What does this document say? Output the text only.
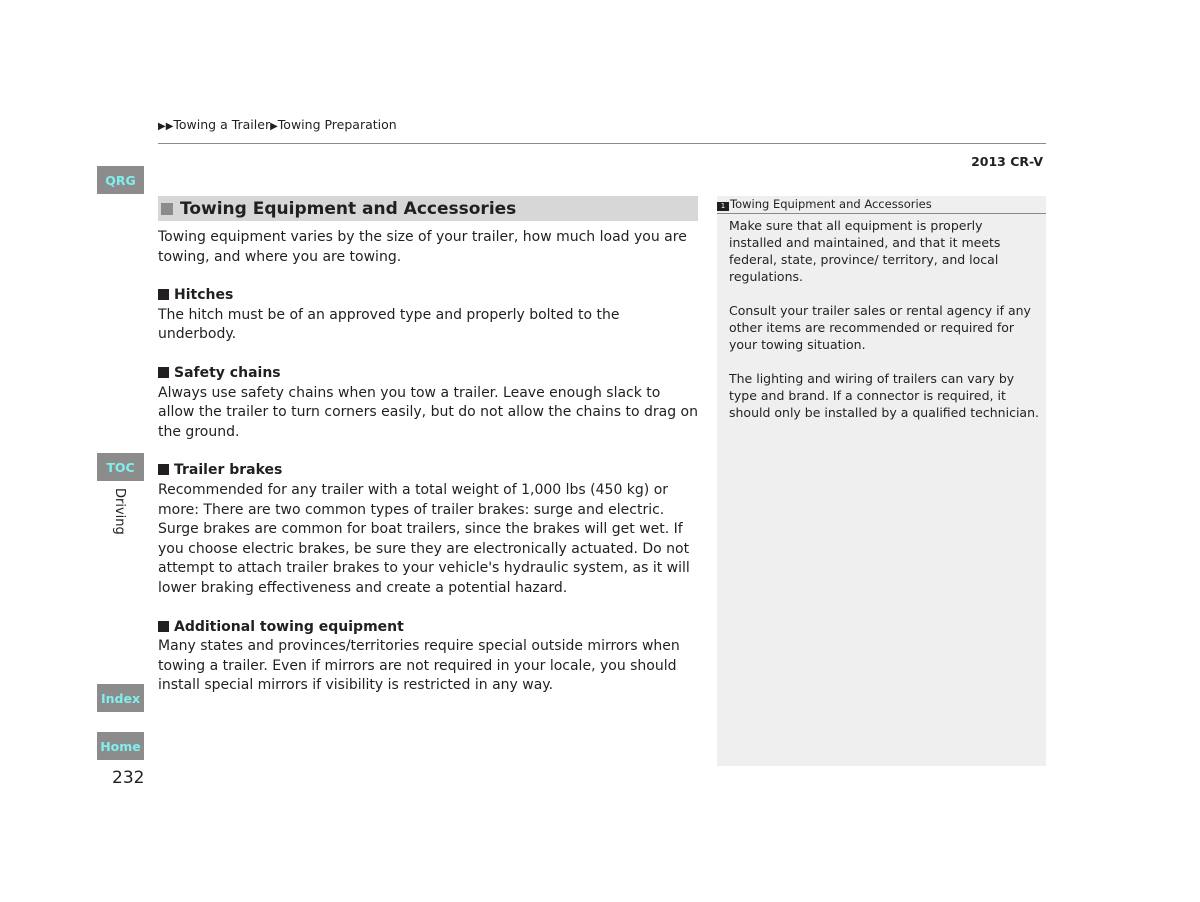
▶▶Towing a Trailer▶Towing Preparation
2013 CR-V
QRG
TOC
Driving
Index
Home
232
Towing Equipment and Accessories

Towing equipment varies by the size of your trailer, how much load you are towing, and where you are towing.

Hitches

The hitch must be of an approved type and properly bolted to the underbody.

Safety chains

Always use safety chains when you tow a trailer. Leave enough slack to allow the trailer to turn corners easily, but do not allow the chains to drag on the ground.

Trailer brakes

Recommended for any trailer with a total weight of 1,000 lbs (450 kg) or more: There are two common types of trailer brakes: surge and electric. Surge brakes are common for boat trailers, since the brakes will get wet. If you choose electric brakes, be sure they are electronically actuated. Do not attempt to attach trailer brakes to your vehicle's hydraulic system, as it will lower braking effectiveness and create a potential hazard.

Additional towing equipment

Many states and provinces/territories require special outside mirrors when towing a trailer. Even if mirrors are not required in your locale, you should install special mirrors if visibility is restricted in any way.

1 Towing Equipment and Accessories

Make sure that all equipment is properly installed and maintained, and that it meets federal, state, province/ territory, and local regulations.

Consult your trailer sales or rental agency if any other items are recommended or required for your towing situation.

The lighting and wiring of trailers can vary by type and brand. If a connector is required, it should only be installed by a qualified technician.
